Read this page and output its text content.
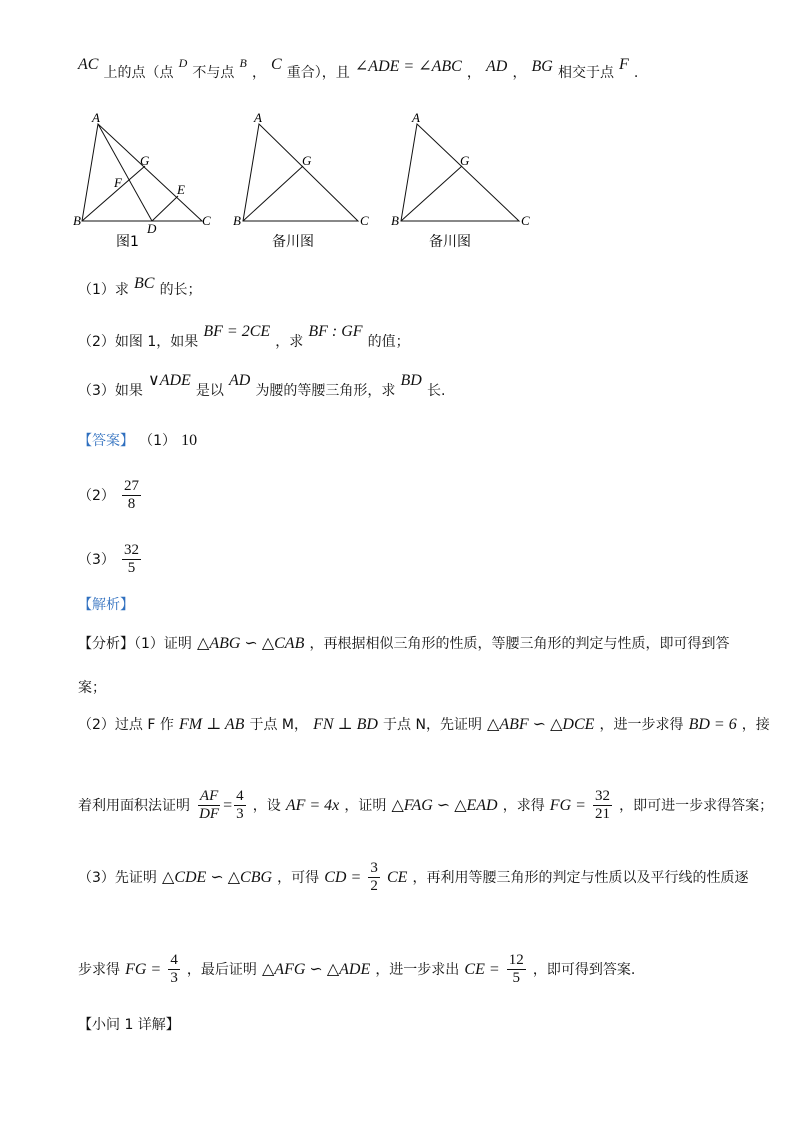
AC 上的点（点 $^D$ 不与点 $^B$ ， C 重合），且 ∠ADE = ∠ABC ， AD ， BG 相交于点 F .
A
B	C
D
E
F
G
图1
A
B	C
G
备川图
A
B	C
G
备川图
（1）求 BC 的长；
（2）如图 1，如果 BF = 2CE ，求 BF : GF 的值；
（3）如果 ∨ADE 是以 AD 为腰的等腰三角形，求 BD 长.
【答案】 （1） 10
$(2) \frac{27}{8}$
$(3) \frac{32}{5}$
【解析】
【分析】（1）证明 △ABG ∽ △CAB ，再根据相似三角形的性质，等腰三角形的判定与性质，即可得到答
案；
（2）过点 F 作 FM ⊥ AB 于点 M， FN ⊥ BD 于点 N，先证明 △ABF ∽ △DCE ，进一步求得 BD = 6 ，接
着利用面积法证明 $\frac{AF}{DF} = \frac{4}{3}$ ，设 AF = 4x ，证明 △FAG ∽ △EAD ，求得 FG = $\frac{32}{21}$ ，即可进一步求得答案；
（3）先证明 △CDE ∽ △CBG ，可得 CD = $\frac{3}{2}$ CE ，再利用等腰三角形的判定与性质以及平行线的性质逐
步求得 FG = $\frac{4}{3}$ ，最后证明 △AFG ∽ △ADE ，进一步求出 CE = $\frac{12}{5}$ ，即可得到答案.
【小问 1 详解】
